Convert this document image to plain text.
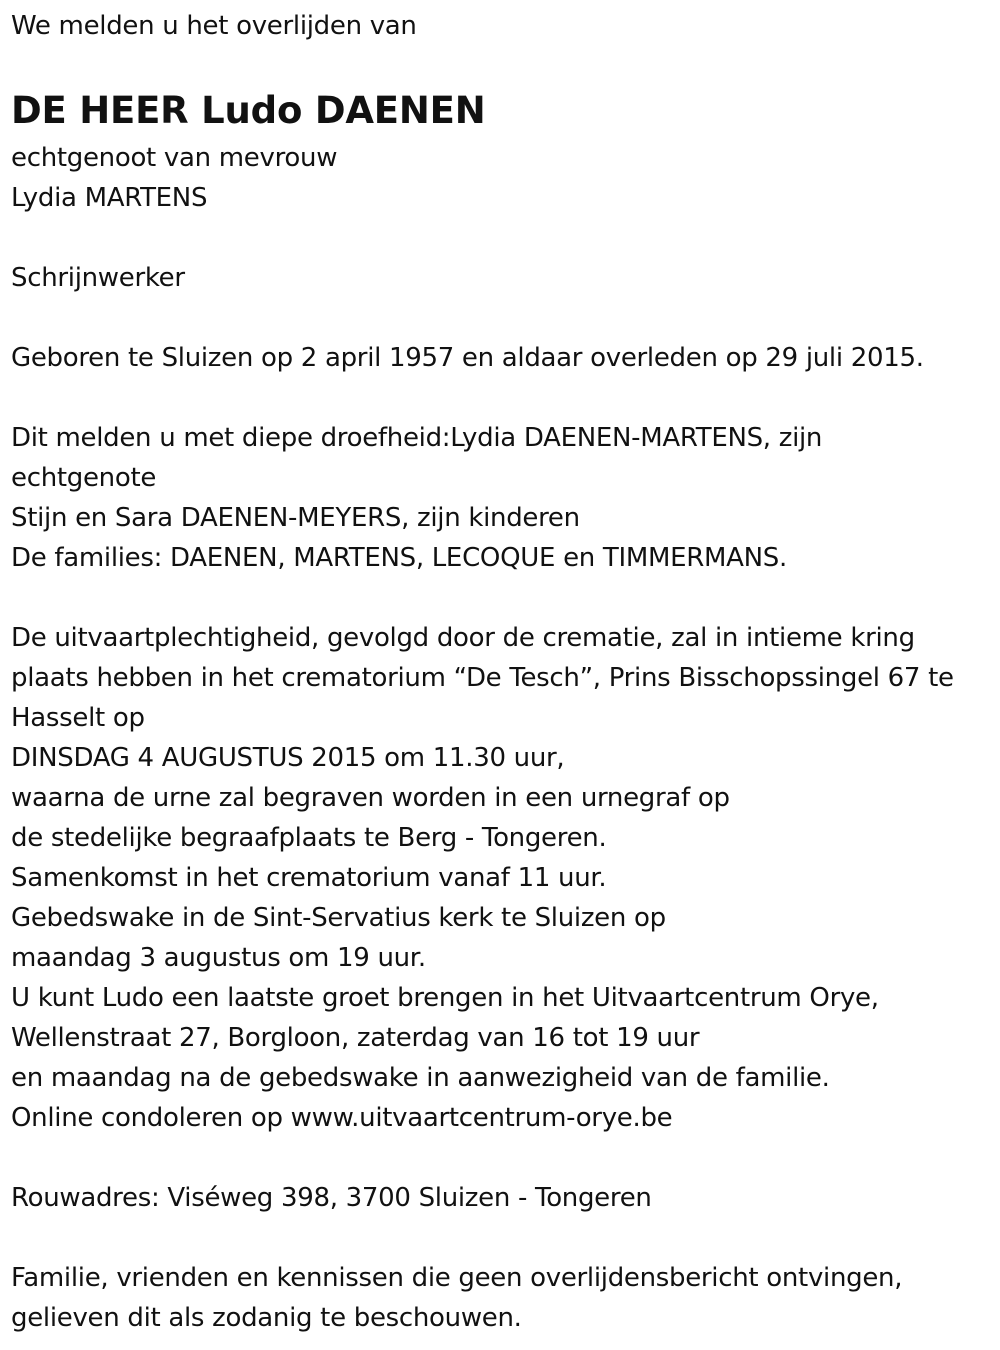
We melden u het overlijden van
DE HEER Ludo DAENEN
echtgenoot van mevrouw
Lydia MARTENS
Schrijnwerker
Geboren te Sluizen op 2 april 1957 en aldaar overleden op 29 juli 2015.
Dit melden u met diepe droefheid:Lydia DAENEN-MARTENS, zijn echtgenote
Stijn en Sara DAENEN-MEYERS, zijn kinderen
De families: DAENEN, MARTENS, LECOQUE en TIMMERMANS.
De uitvaartplechtigheid, gevolgd door de crematie, zal in intieme kring plaats hebben in het crematorium “De Tesch”, Prins Bisschopssingel 67 te Hasselt op
DINSDAG 4 AUGUSTUS 2015 om 11.30 uur,
waarna de urne zal begraven worden in een urnegraf op
de stedelijke begraafplaats te Berg - Tongeren.
Samenkomst in het crematorium vanaf 11 uur.
Gebedswake in de Sint-Servatius kerk te Sluizen op
maandag 3 augustus om 19 uur.
U kunt Ludo een laatste groet brengen in het Uitvaartcentrum Orye,
Wellenstraat 27, Borgloon, zaterdag van 16 tot 19 uur
en maandag na de gebedswake in aanwezigheid van de familie.
Online condoleren op www.uitvaartcentrum-orye.be
Rouwadres: Viséweg 398, 3700 Sluizen - Tongeren
Familie, vrienden en kennissen die geen overlijdensbericht ontvingen,
gelieven dit als zodanig te beschouwen.
